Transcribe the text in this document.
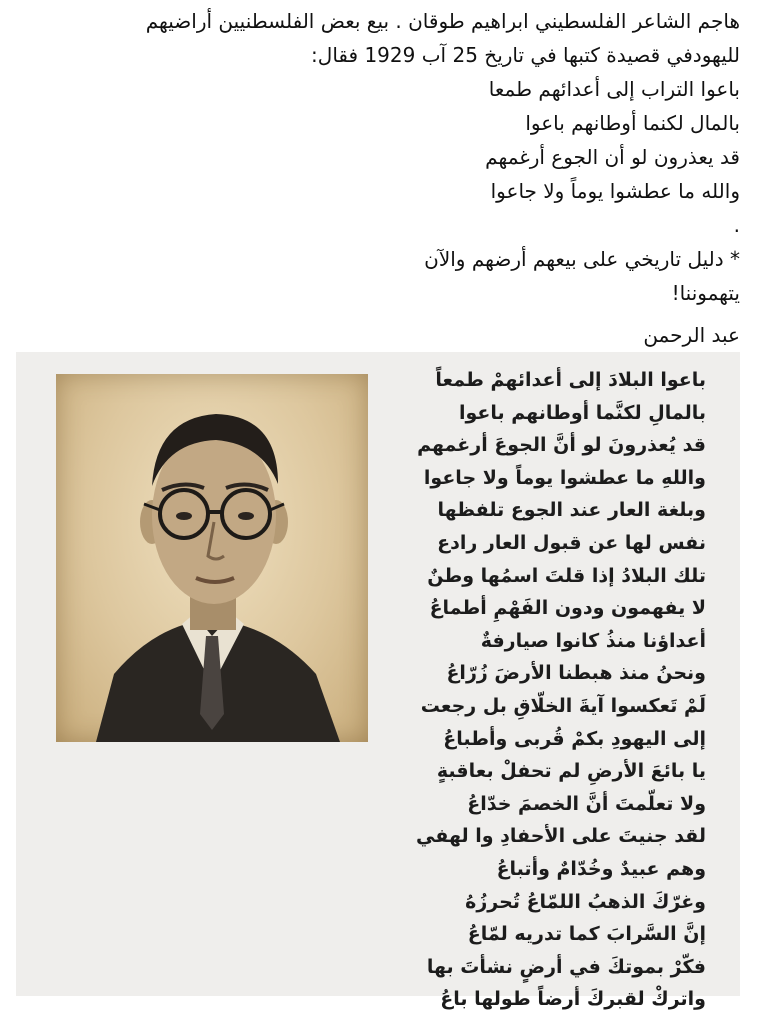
هاجم الشاعر الفلسطيني ابراهيم طوقان . بيع بعض الفلسطنيين أراضيهم

لليهودفي قصيدة كتبها في تاريخ 25 آب 1929 فقال:

باعوا التراب إلى أعدائهم طمعا

بالمال لكنما أوطانهم باعوا

قد يعذرون لو أن الجوع أرغمهم

والله ما عطشوا يوماً ولا جاعوا

.

* دليل تاريخي على بيعهم أرضهم والآن

يتهموننا!

عبد الرحمن

باعوا البلادَ إلى أعدائهمْ طمعاً
بالمالِ لكنَّما أوطانهم باعوا
قد يُعذرونَ لو أنَّ الجوعَ أرغمهم
واللهِ ما عطشوا يوماً ولا جاعوا
وبلغة العار عند الجوع تلفظها
نفس لها عن قبول العار رادع
تلك البلادُ إذا قلتَ اسمُها وطنٌ
لا يفهمون ودون الفَهْمِ أطماعُ
أعداؤنا منذُ كانوا صيارفةٌ
ونحنُ منذ هبطنا الأرضَ زُرّاعُ
لَمْ تَعكسوا آيةَ الخلّاقِ بل رجعت
إلى اليهودِ بكمْ قُربى وأطباعُ
يا بائعَ الأرضِ لم تحفلْ بعاقبةٍ
ولا تعلّمتَ أنَّ الخصمَ خدّاعُ
لقد جنيتَ على الأحفادِ وا لهفي
وهم عبيدٌ وخُدّامٌ وأتباعُ
وغرّكَ الذهبُ اللمّاعُ تُحرزُهُ
إنَّ السَّرابَ كما تدريه لمّاعُ
فكّرْ بموتكَ في أرضٍ نشأتَ بها
واتركْ لقبركَ أرضاً طولها باعُ
